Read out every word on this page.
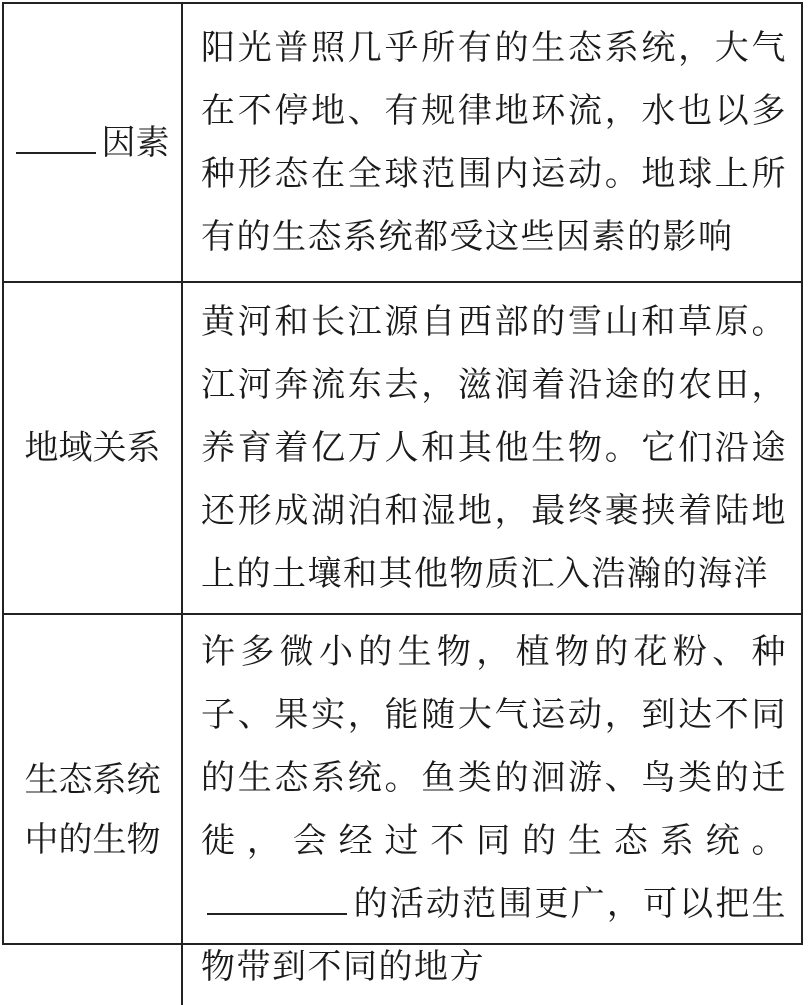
因素	阳光普照几乎所有的生态系统，大气在不停地、有规律地环流，水也以多种形态在全球范围内运动。地球上所有的生态系统都受这些因素的影响
地域关系	黄河和长江源自西部的雪山和草原。江河奔流东去，滋润着沿途的农田，养育着亿万人和其他生物。它们沿途还形成湖泊和湿地，最终裹挟着陆地上的土壤和其他物质汇入浩瀚的海洋

生态系统
中的生物	许多微小的生物，植物的花粉、种子、果实，能随大气运动，到达不同的生态系统。鱼类的洄游、鸟类的迁徙，会经过不同的生态系统。的活动范围更广，可以把生物带到不同的地方
